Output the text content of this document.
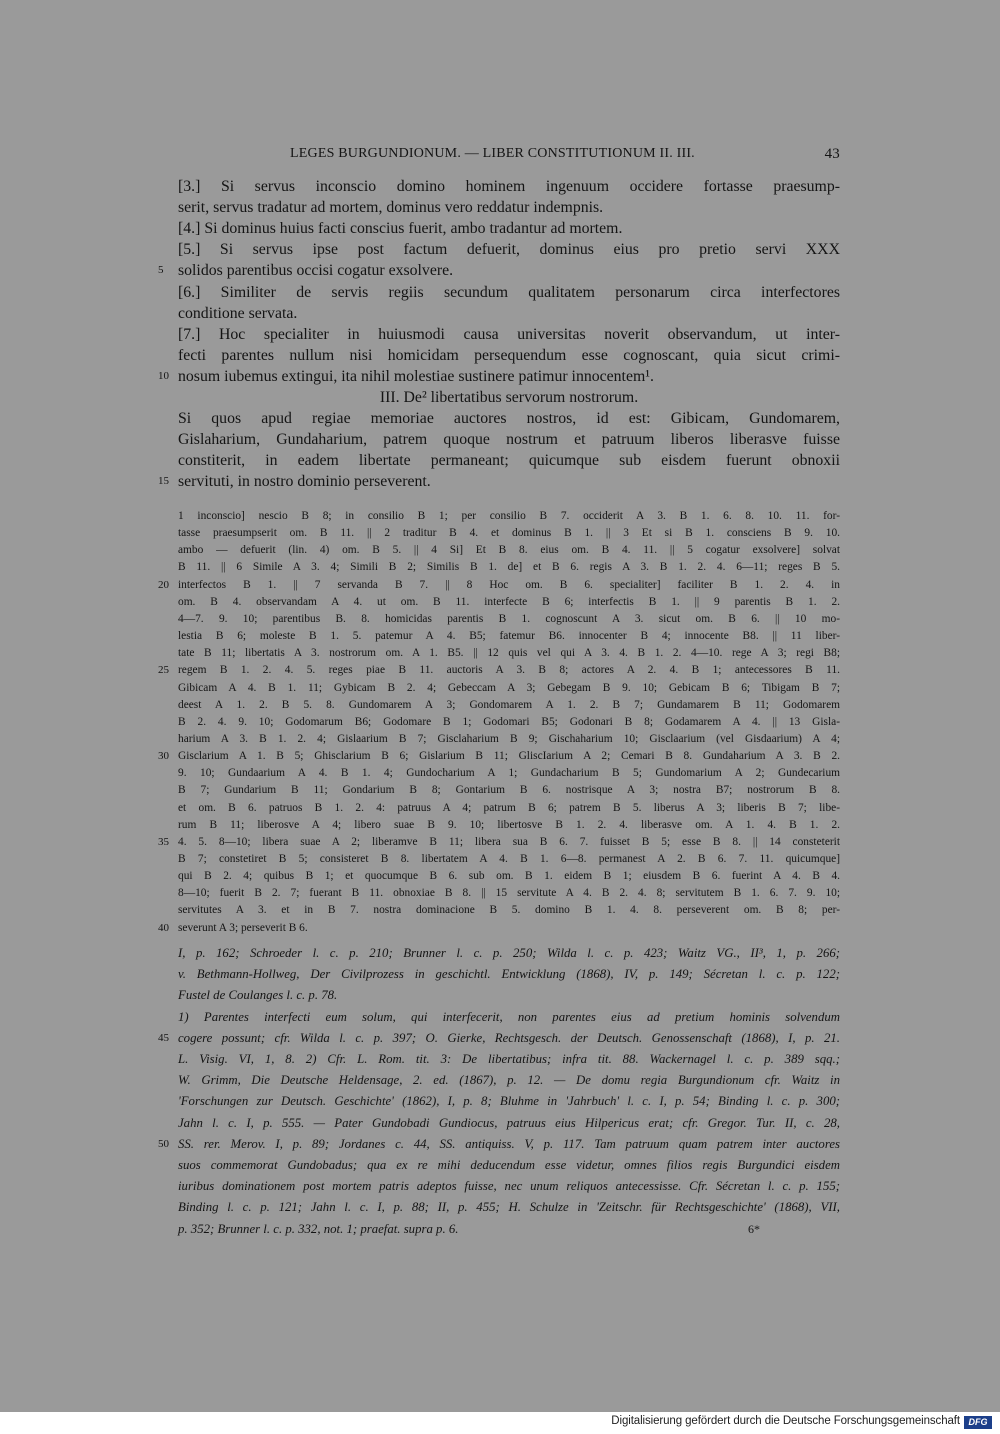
LEGES BURGUNDIONUM. — LIBER CONSTITUTIONUM II. III.	43
[3.] Si servus inconscio domino hominem ingenuum occidere fortasse praesump-
serit, servus tradatur ad mortem, dominus vero reddatur indempnis.
[4.] Si dominus huius facti conscius fuerit, ambo tradantur ad mortem.
[5.] Si servus ipse post factum defuerit, dominus eius pro pretio servi XXX
solidos parentibus occisi cogatur exsolvere.
5
[6.] Similiter de servis regiis secundum qualitatem personarum circa interfectores
conditione servata.
[7.] Hoc specialiter in huiusmodi causa universitas noverit observandum, ut inter-
fecti parentes nullum nisi homicidam persequendum esse cognoscant, quia sicut crimi-
nosum iubemus extingui, ita nihil molestiae sustinere patimur innocentem¹.
10
III. De² libertatibus servorum nostrorum.
Si quos apud regiae memoriae auctores nostros, id est: Gibicam, Gundomarem,
Gislaharium, Gundaharium, patrem quoque nostrum et patruum liberos liberasve fuisse
constiterit, in eadem libertate permaneant; quicumque sub eisdem fuerunt obnoxii
servituti, in nostro dominio perseverent.
15
1 inconscio] nescio B 8; in consilio B 1; per consilio B 7. occiderit A 3. B 1. 6. 8. 10. 11. for-
tasse praesumpserit om. B 11. || 2 traditur B 4. et dominus B 1. || 3 Et si B 1. consciens B 9. 10.
ambo — defuerit (lin. 4) om. B 5. || 4 Si] Et B 8. eius om. B 4. 11. || 5 cogatur exsolvere] solvat
B 11. || 6 Simile A 3. 4; Simili B 2; Similis B 1. de] et B 6. regis A 3. B 1. 2. 4. 6—11; reges B 5.
interfectos B 1. || 7 servanda B 7. || 8 Hoc om. B 6. specialiter] faciliter B 1. 2. 4. in
20
om. B 4. observandam A 4. ut om. B 11. interfecte B 6; interfectis B 1. || 9 parentis B 1. 2.
4—7. 9. 10; parentibus B. 8. homicidas parentis B 1. cognoscunt A 3. sicut om. B 6. || 10 mo-
lestia B 6; moleste B 1. 5. patemur A 4. B5; fatemur B6. innocenter B 4; innocente B8. || 11 liber-
tate B 11; libertatis A 3. nostrorum om. A 1. B5. || 12 quis vel qui A 3. 4. B 1. 2. 4—10. rege A 3; regi B8;
regem B 1. 2. 4. 5. reges piae B 11. auctoris A 3. B 8; actores A 2. 4. B 1; antecessores B 11.
25
Gibicam A 4. B 1. 11; Gybicam B 2. 4; Gebeccam A 3; Gebegam B 9. 10; Gebicam B 6; Tibigam B 7;
deest A 1. 2. B 5. 8. Gundomarem A 3; Gondomarem A 1. 2. B 7; Gundamarem B 11; Godomarem
B 2. 4. 9. 10; Godomarum B6; Godomare B 1; Godomari B5; Godonari B 8; Godamarem A 4. || 13 Gisla-
harium A 3. B 1. 2. 4; Gislaarium B 7; Gisclaharium B 9; Gischaharium 10; Gisclaarium (vel Gisdaarium) A 4;
Gisclarium A 1. B 5; Ghisclarium B 6; Gislarium B 11; GliscIarium A 2; Cemari B 8. Gundaharium A 3. B 2.
30
9. 10; Gundaarium A 4. B 1. 4; Gundocharium A 1; Gundacharium B 5; Gundomarium A 2; Gundecarium
B 7; Gundarium B 11; Gondarium B 8; Gontarium B 6. nostrisque A 3; nostra B7; nostrorum B 8.
et om. B 6. patruos B 1. 2. 4: patruus A 4; patrum B 6; patrem B 5. liberus A 3; liberis B 7; libe-
rum B 11; liberosve A 4; libero suae B 9. 10; libertosve B 1. 2. 4. liberasve om. A 1. 4. B 1. 2.
4. 5. 8—10; libera suae A 2; liberamve B 11; libera sua B 6. 7. fuisset B 5; esse B 8. || 14 consteterit
35
B 7; constetiret B 5; consisteret B 8. libertatem A 4. B 1. 6—8. permanest A 2. B 6. 7. 11. quicumque]
qui B 2. 4; quibus B 1; et quocumque B 6. sub om. B 1. eidem B 1; eiusdem B 6. fuerint A 4. B 4.
8—10; fuerit B 2. 7; fuerant B 11. obnoxiae B 8. || 15 servitute A 4. B 2. 4. 8; servitutem B 1. 6. 7. 9. 10;
servitutes A 3. et in B 7. nostra dominacione B 5. domino B 1. 4. 8. perseverent om. B 8; per-
severunt A 3; perseverit B 6.
40
I, p. 162; Schroeder l. c. p. 210; Brunner l. c. p. 250; Wilda l. c. p. 423; Waitz VG., II³, 1, p. 266;
v. Bethmann-Hollweg, Der Civilprozess in geschichtl. Entwicklung (1868), IV, p. 149; Sécretan l. c. p. 122;
Fustel de Coulanges l. c. p. 78.
1) Parentes interfecti eum solum, qui interfecerit, non parentes eius ad pretium hominis solvendum
cogere possunt; cfr. Wilda l. c. p. 397; O. Gierke, Rechtsgesch. der Deutsch. Genossenschaft (1868), I, p. 21.
45
L. Visig. VI, 1, 8. 2) Cfr. L. Rom. tit. 3: De libertatibus; infra tit. 88. Wackernagel l. c. p. 389 sqq.;
W. Grimm, Die Deutsche Heldensage, 2. ed. (1867), p. 12. — De domu regia Burgundionum cfr. Waitz in
'Forschungen zur Deutsch. Geschichte' (1862), I, p. 8; Bluhme in 'Jahrbuch' l. c. I, p. 54; Binding l. c. p. 300;
Jahn l. c. I, p. 555. — Pater Gundobadi Gundiocus, patruus eius Hilpericus erat; cfr. Gregor. Tur. II, c. 28,
SS. rer. Merov. I, p. 89; Jordanes c. 44, SS. antiquiss. V, p. 117. Tam patruum quam patrem inter auctores
50
suos commemorat Gundobadus; qua ex re mihi deducendum esse videtur, omnes filios regis Burgundici eisdem
iuribus dominationem post mortem patris adeptos fuisse, nec unum reliquos antecessisse. Cfr. Sécretan l. c. p. 155;
Binding l. c. p. 121; Jahn l. c. I, p. 88; II, p. 455; H. Schulze in 'Zeitschr. für Rechtsgeschichte' (1868), VII,
p. 352; Brunner l. c. p. 332, not. 1; praefat. supra p. 6.	6*
Digitalisierung gefördert durch die Deutsche Forschungsgemeinschaft DFG
